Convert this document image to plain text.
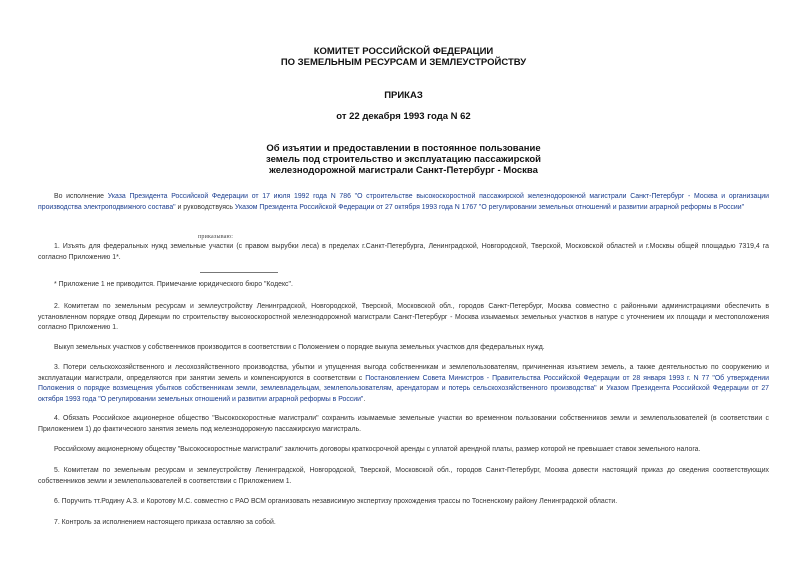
КОМИТЕТ РОССИЙСКОЙ ФЕДЕРАЦИИ
ПО ЗЕМЕЛЬНЫМ РЕСУРСАМ И ЗЕМЛЕУСТРОЙСТВУ
ПРИКАЗ
от 22 декабря 1993 года N 62
Об изъятии и предоставлении в постоянное пользование
земель под строительство и эксплуатацию пассажирской
железнодорожной магистрали Санкт-Петербург - Москва

Во исполнение Указа Президента Российской Федерации от 17 июля 1992 года N 786 "О строительстве высокоскоростной пассажирской железнодорожной магистрали Санкт-Петербург - Москва и организации производства электроподвижного состава" и руководствуясь Указом Президента Российской Федерации от 27 октября 1993 года N 1767 "О регулировании земельных отношений и развитии аграрной реформы в России"

приказываю:

1. Изъять для федеральных нужд земельные участки (с правом вырубки леса) в пределах г.Санкт-Петербурга, Ленинградской, Новгородской, Тверской, Московской областей и г.Москвы общей площадью 7319,4 га согласно Приложению 1*.

* Приложение 1 не приводится. Примечание юридического бюро "Кодекс".

2. Комитетам по земельным ресурсам и землеустройству Ленинградской, Новгородской, Тверской, Московской обл., городов Санкт-Петербург, Москва совместно с районными администрациями обеспечить в установленном порядке отвод Дирекции по строительству высокоскоростной железнодорожной магистрали Санкт-Петербург - Москва изымаемых земельных участков в натуре с уточнением их площади и местоположения согласно Приложению 1.

Выкуп земельных участков у собственников производится в соответствии с Положением о порядке выкупа земельных участков для федеральных нужд.

3. Потери сельскохозяйственного и лесохозяйственного производства, убытки и упущенная выгода собственникам и землепользователям, причиненная изъятием земель, а также деятельностью по сооружению и эксплуатации магистрали, определяются при занятии земель и компенсируются в соответствии с Постановлением Совета Министров - Правительства Российской Федерации от 28 января 1993 г. N 77 "Об утверждении Положения о порядке возмещения убытков собственникам земли, землевладельцам, землепользователям, арендаторам и потерь сельскохозяйственного производства" и Указом Президента Российской Федерации от 27 октября 1993 года "О регулировании земельных отношений и развитии аграрной реформы в России".

4. Обязать Российское акционерное общество "Высокоскоростные магистрали" сохранить изымаемые земельные участки во временном пользовании собственников земли и землепользователей (в соответствии с Приложением 1) до фактического занятия земель под железнодорожную пассажирскую магистраль.

Российскому акционерному обществу "Высокоскоростные магистрали" заключить договоры краткосрочной аренды с уплатой арендной платы, размер которой не превышает ставок земельного налога.

5. Комитетам по земельным ресурсам и землеустройству Ленинградской, Новгородской, Тверской, Московской обл., городов Санкт-Петербург, Москва довести настоящий приказ до сведения соответствующих собственников земли и землепользователей в соответствии с Приложением 1.

6. Поручить тт.Родину А.З. и Коротову М.С. совместно с РАО ВСМ организовать независимую экспертизу прохождения трассы по Тосненскому району Ленинградской области.

7. Контроль за исполнением настоящего приказа оставляю за собой.
